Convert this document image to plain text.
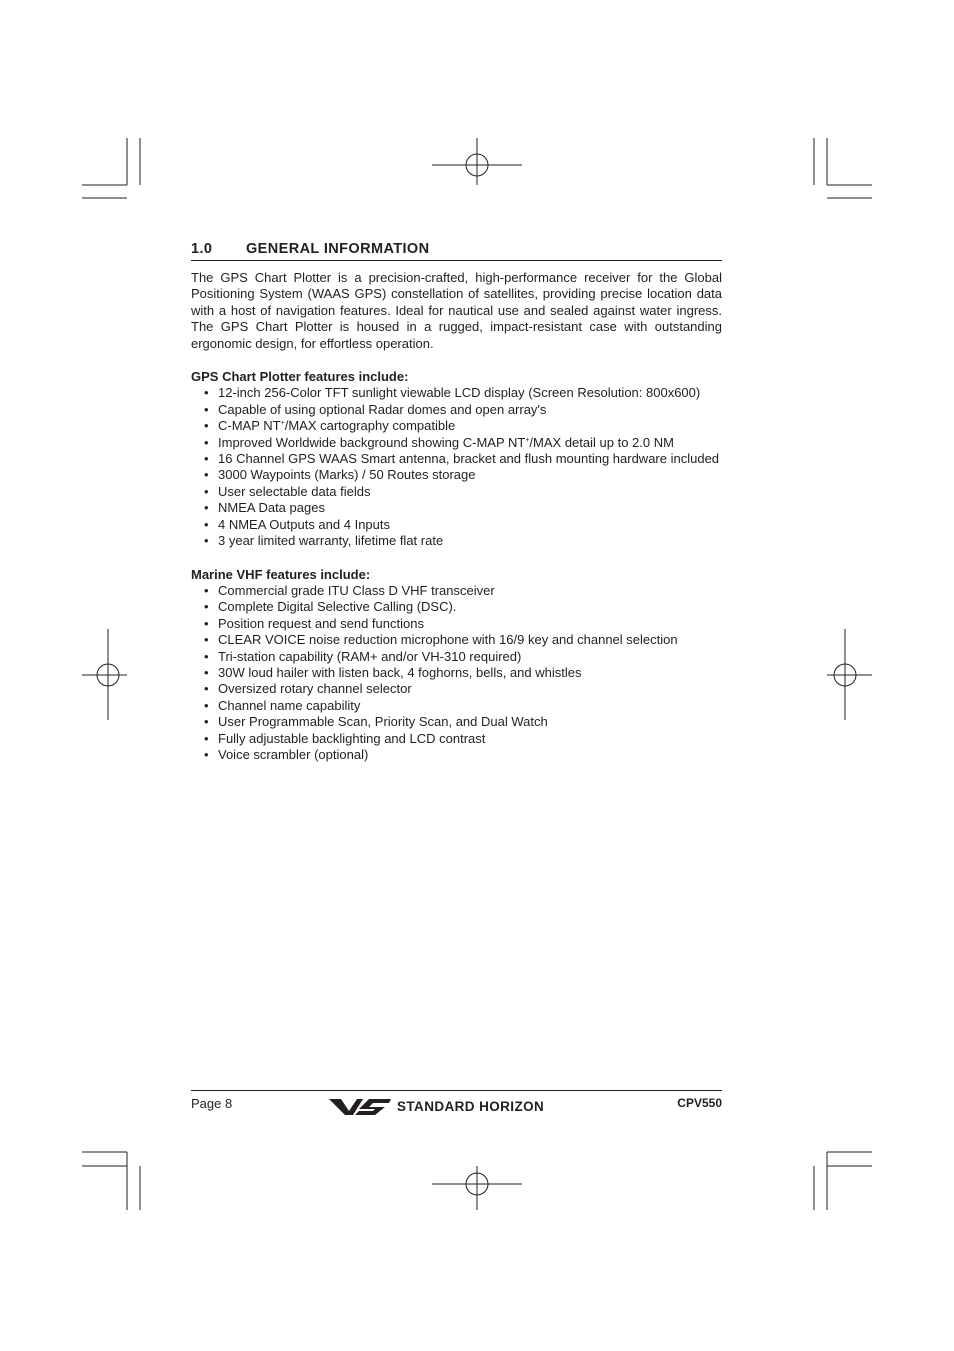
1.0 GENERAL INFORMATION

The GPS Chart Plotter is a precision-crafted, high-performance receiver for the Global Positioning System (WAAS GPS) constellation of satellites, providing precise location data with a host of navigation features. Ideal for nautical use and sealed against water ingress. The GPS Chart Plotter is housed in a rugged, impact-resistant case with outstanding ergonomic design, for effortless operation.

GPS Chart Plotter features include:
• 12-inch 256-Color TFT sunlight viewable LCD display (Screen Resolution: 800x600)
• Capable of using optional Radar domes and open array's
• C-MAP NT+/MAX cartography compatible
• Improved Worldwide background showing C-MAP NT+/MAX detail up to 2.0 NM
• 16 Channel GPS WAAS Smart antenna, bracket and flush mounting hardware included
• 3000 Waypoints (Marks) / 50 Routes storage
• User selectable data fields
• NMEA Data pages
• 4 NMEA Outputs and 4 Inputs
• 3 year limited warranty, lifetime flat rate
Marine VHF features include:
• Commercial grade ITU Class D VHF transceiver
• Complete Digital Selective Calling (DSC).
• Position request and send functions
• CLEAR VOICE noise reduction microphone with 16/9 key and channel selection
• Tri-station capability (RAM+ and/or VH-310 required)
• 30W loud hailer with listen back, 4 foghorns, bells, and whistles
• Oversized rotary channel selector
• Channel name capability
• User Programmable Scan, Priority Scan, and Dual Watch
• Fully adjustable backlighting and LCD contrast
• Voice scrambler (optional)
Page 8	STANDARD HORIZON	CPV550
